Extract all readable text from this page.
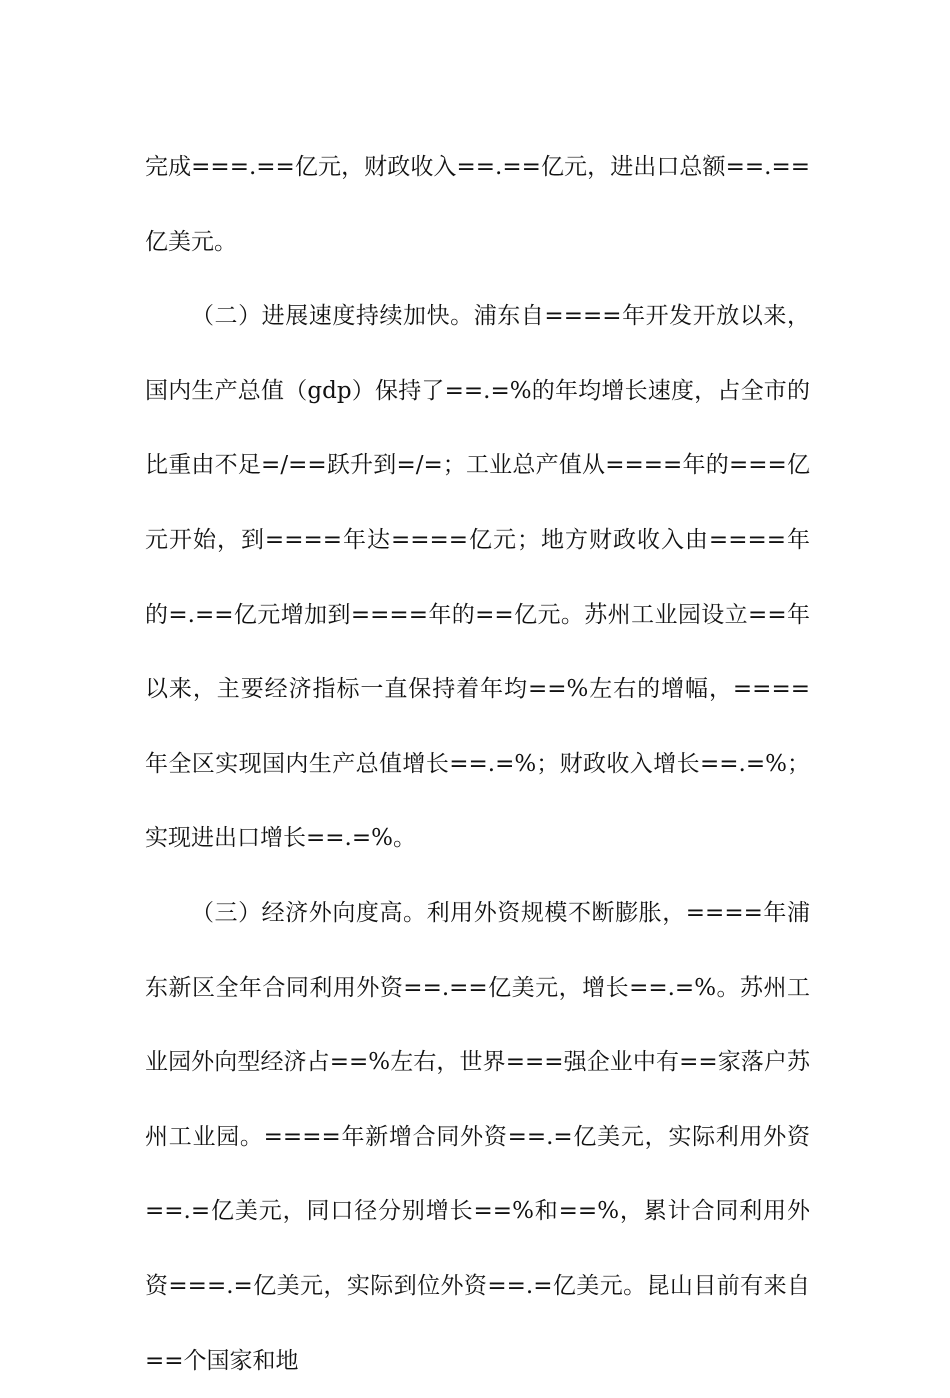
完成===.==亿元，财政收入==.==亿元，进出口总额==.==亿美元。

（二）进展速度持续加快。浦东自====年开发开放以来，国内生产总值（gdp）保持了==.=%的年均增长速度，占全市的比重由不足=/==跃升到=/=；工业总产值从====年的===亿元开始，到====年达====亿元；地方财政收入由====年的=.==亿元增加到====年的==亿元。苏州工业园设立==年以来，主要经济指标一直保持着年均==%左右的增幅，====年全区实现国内生产总值增长==.=%；财政收入增长==.=%；实现进出口增长==.=%。

（三）经济外向度高。利用外资规模不断膨胀，====年浦东新区全年合同利用外资==.==亿美元，增长==.=%。苏州工业园外向型经济占==%左右，世界===强企业中有==家落户苏州工业园。====年新增合同外资==.=亿美元，实际利用外资==.=亿美元，同口径分别增长==%和==%，累计合同利用外资===.=亿美元，实际到位外资==.=亿美元。昆山目前有来自==个国家和地
